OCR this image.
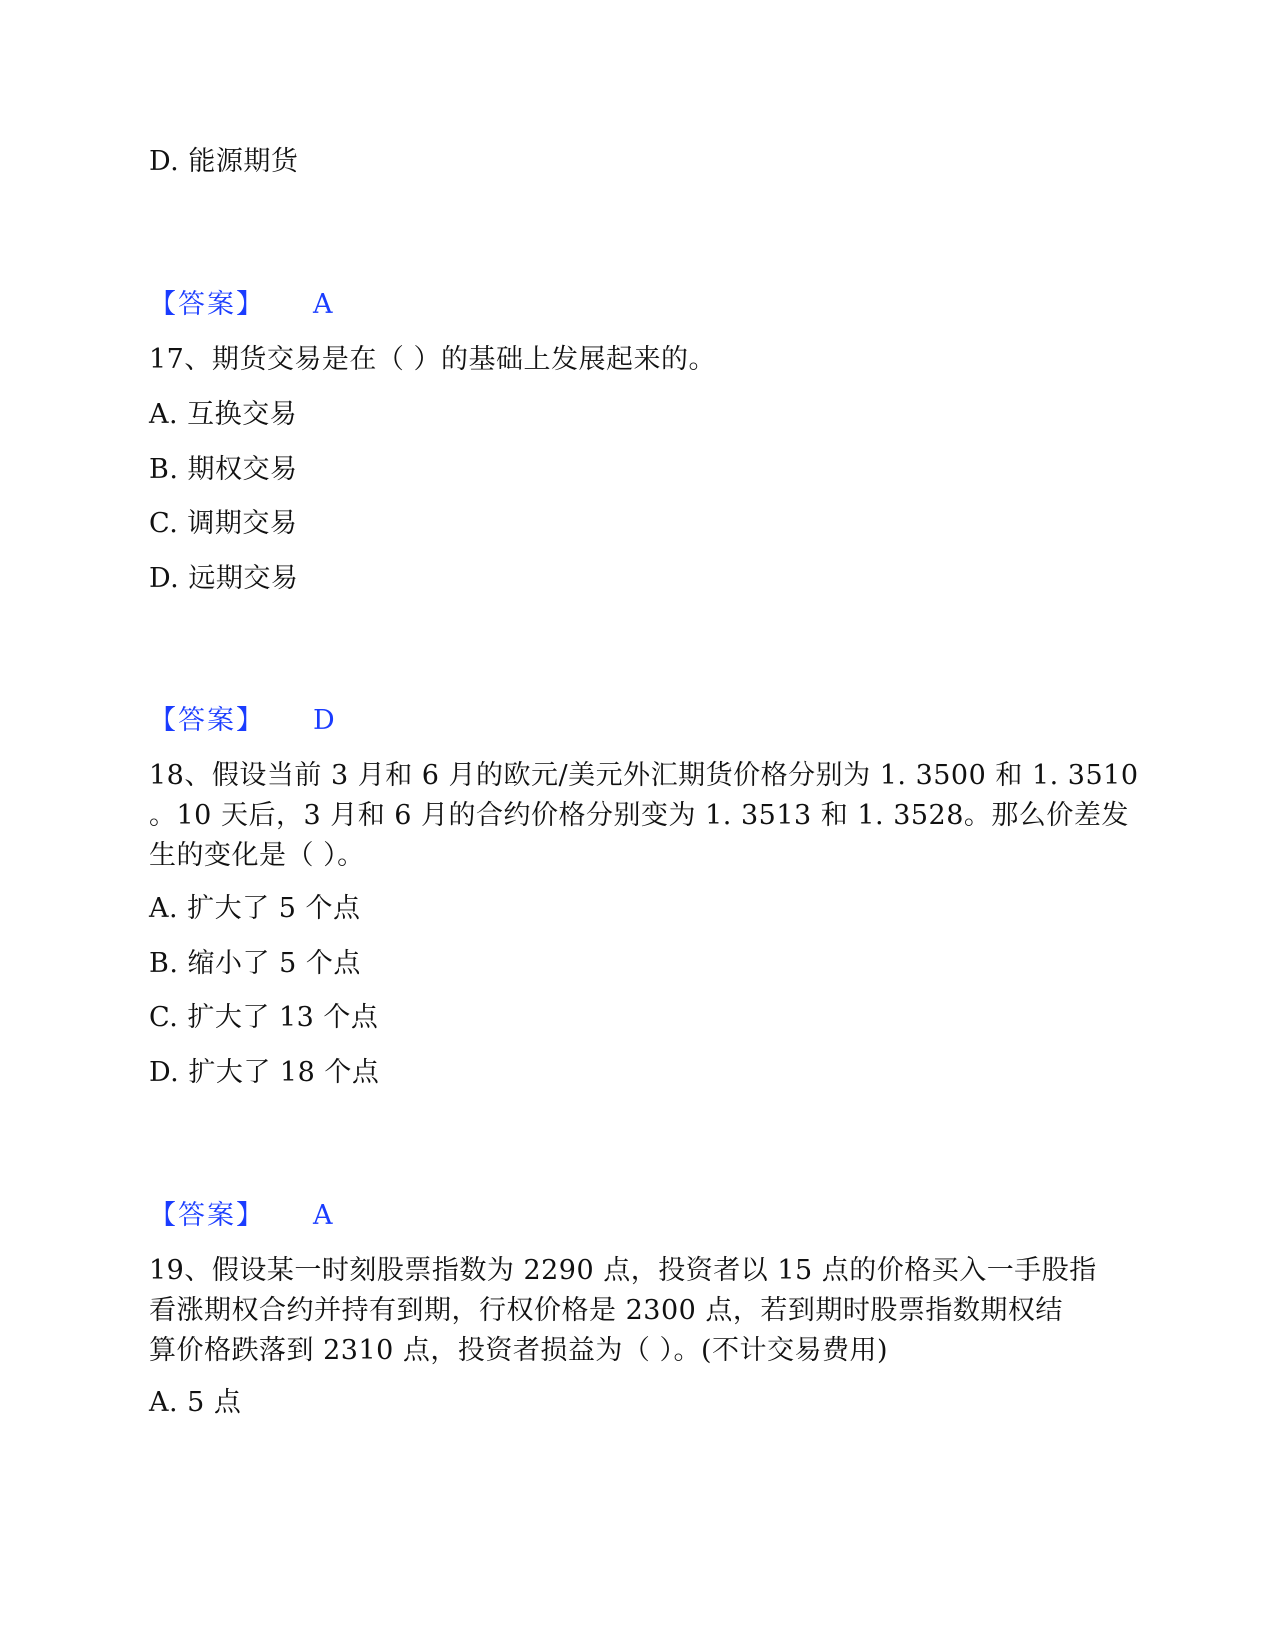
D. 能源期货
【答案】 A
17、期货交易是在（ ）的基础上发展起来的。
A. 互换交易
B. 期权交易
C. 调期交易
D. 远期交易
【答案】 D
18、假设当前 3 月和 6 月的欧元/美元外汇期货价格分别为 1. 3500 和 1. 3510
。10 天后，3 月和 6 月的合约价格分别变为 1. 3513 和 1. 3528。那么价差发
生的变化是（ ）。
A. 扩大了 5 个点
B. 缩小了 5 个点
C. 扩大了 13 个点
D. 扩大了 18 个点
【答案】 A
19、假设某一时刻股票指数为 2290 点，投资者以 15 点的价格买入一手股指
看涨期权合约并持有到期，行权价格是 2300 点，若到期时股票指数期权结
算价格跌落到 2310 点，投资者损益为（ ）。(不计交易费用)
A. 5 点
